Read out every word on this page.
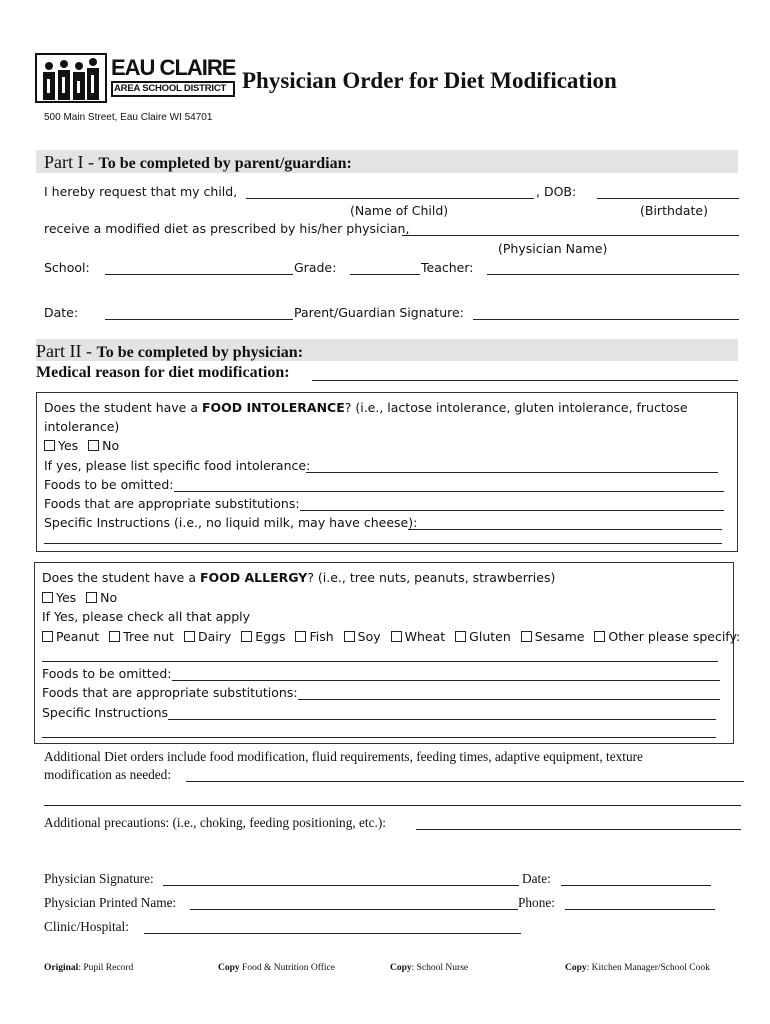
EAU CLAIRE
AREA SCHOOL DISTRICT Physician Order for Diet Modification
500 Main Street, Eau Claire WI 54701
Part I - To be completed by parent/guardian:
I hereby request that my child,	, DOB:
(Name of Child)	(Birthdate)
receive a modified diet as prescribed by his/her physician,
(Physician Name)
School:	Grade:	Teacher:
Date:	Parent/Guardian Signature:
Part II - To be completed by physician:
Medical reason for diet modification:
Does the student have a FOOD INTOLERANCE? (i.e., lactose intolerance, gluten intolerance, fructose
intolerance)
Yes No
If yes, please list specific food intolerance:
Foods to be omitted:
Foods that are appropriate substitutions:
Specific Instructions (i.e., no liquid milk, may have cheese):
Does the student have a FOOD ALLERGY? (i.e., tree nuts, peanuts, strawberries)
Yes No
If Yes, please check all that apply
Peanut Tree nut Dairy Eggs Fish Soy Wheat Gluten Sesame Other please specify:
Foods to be omitted:
Foods that are appropriate substitutions:
Specific Instructions
Additional Diet orders include food modification, fluid requirements, feeding times, adaptive equipment, texture
modification as needed:
Additional precautions: (i.e., choking, feeding positioning, etc.):
Physician Signature:	Date:
Physician Printed Name:	Phone:
Clinic/Hospital:
Original: Pupil Record	Copy Food & Nutrition Office	Copy: School Nurse	Copy: Kitchen Manager/School Cook
